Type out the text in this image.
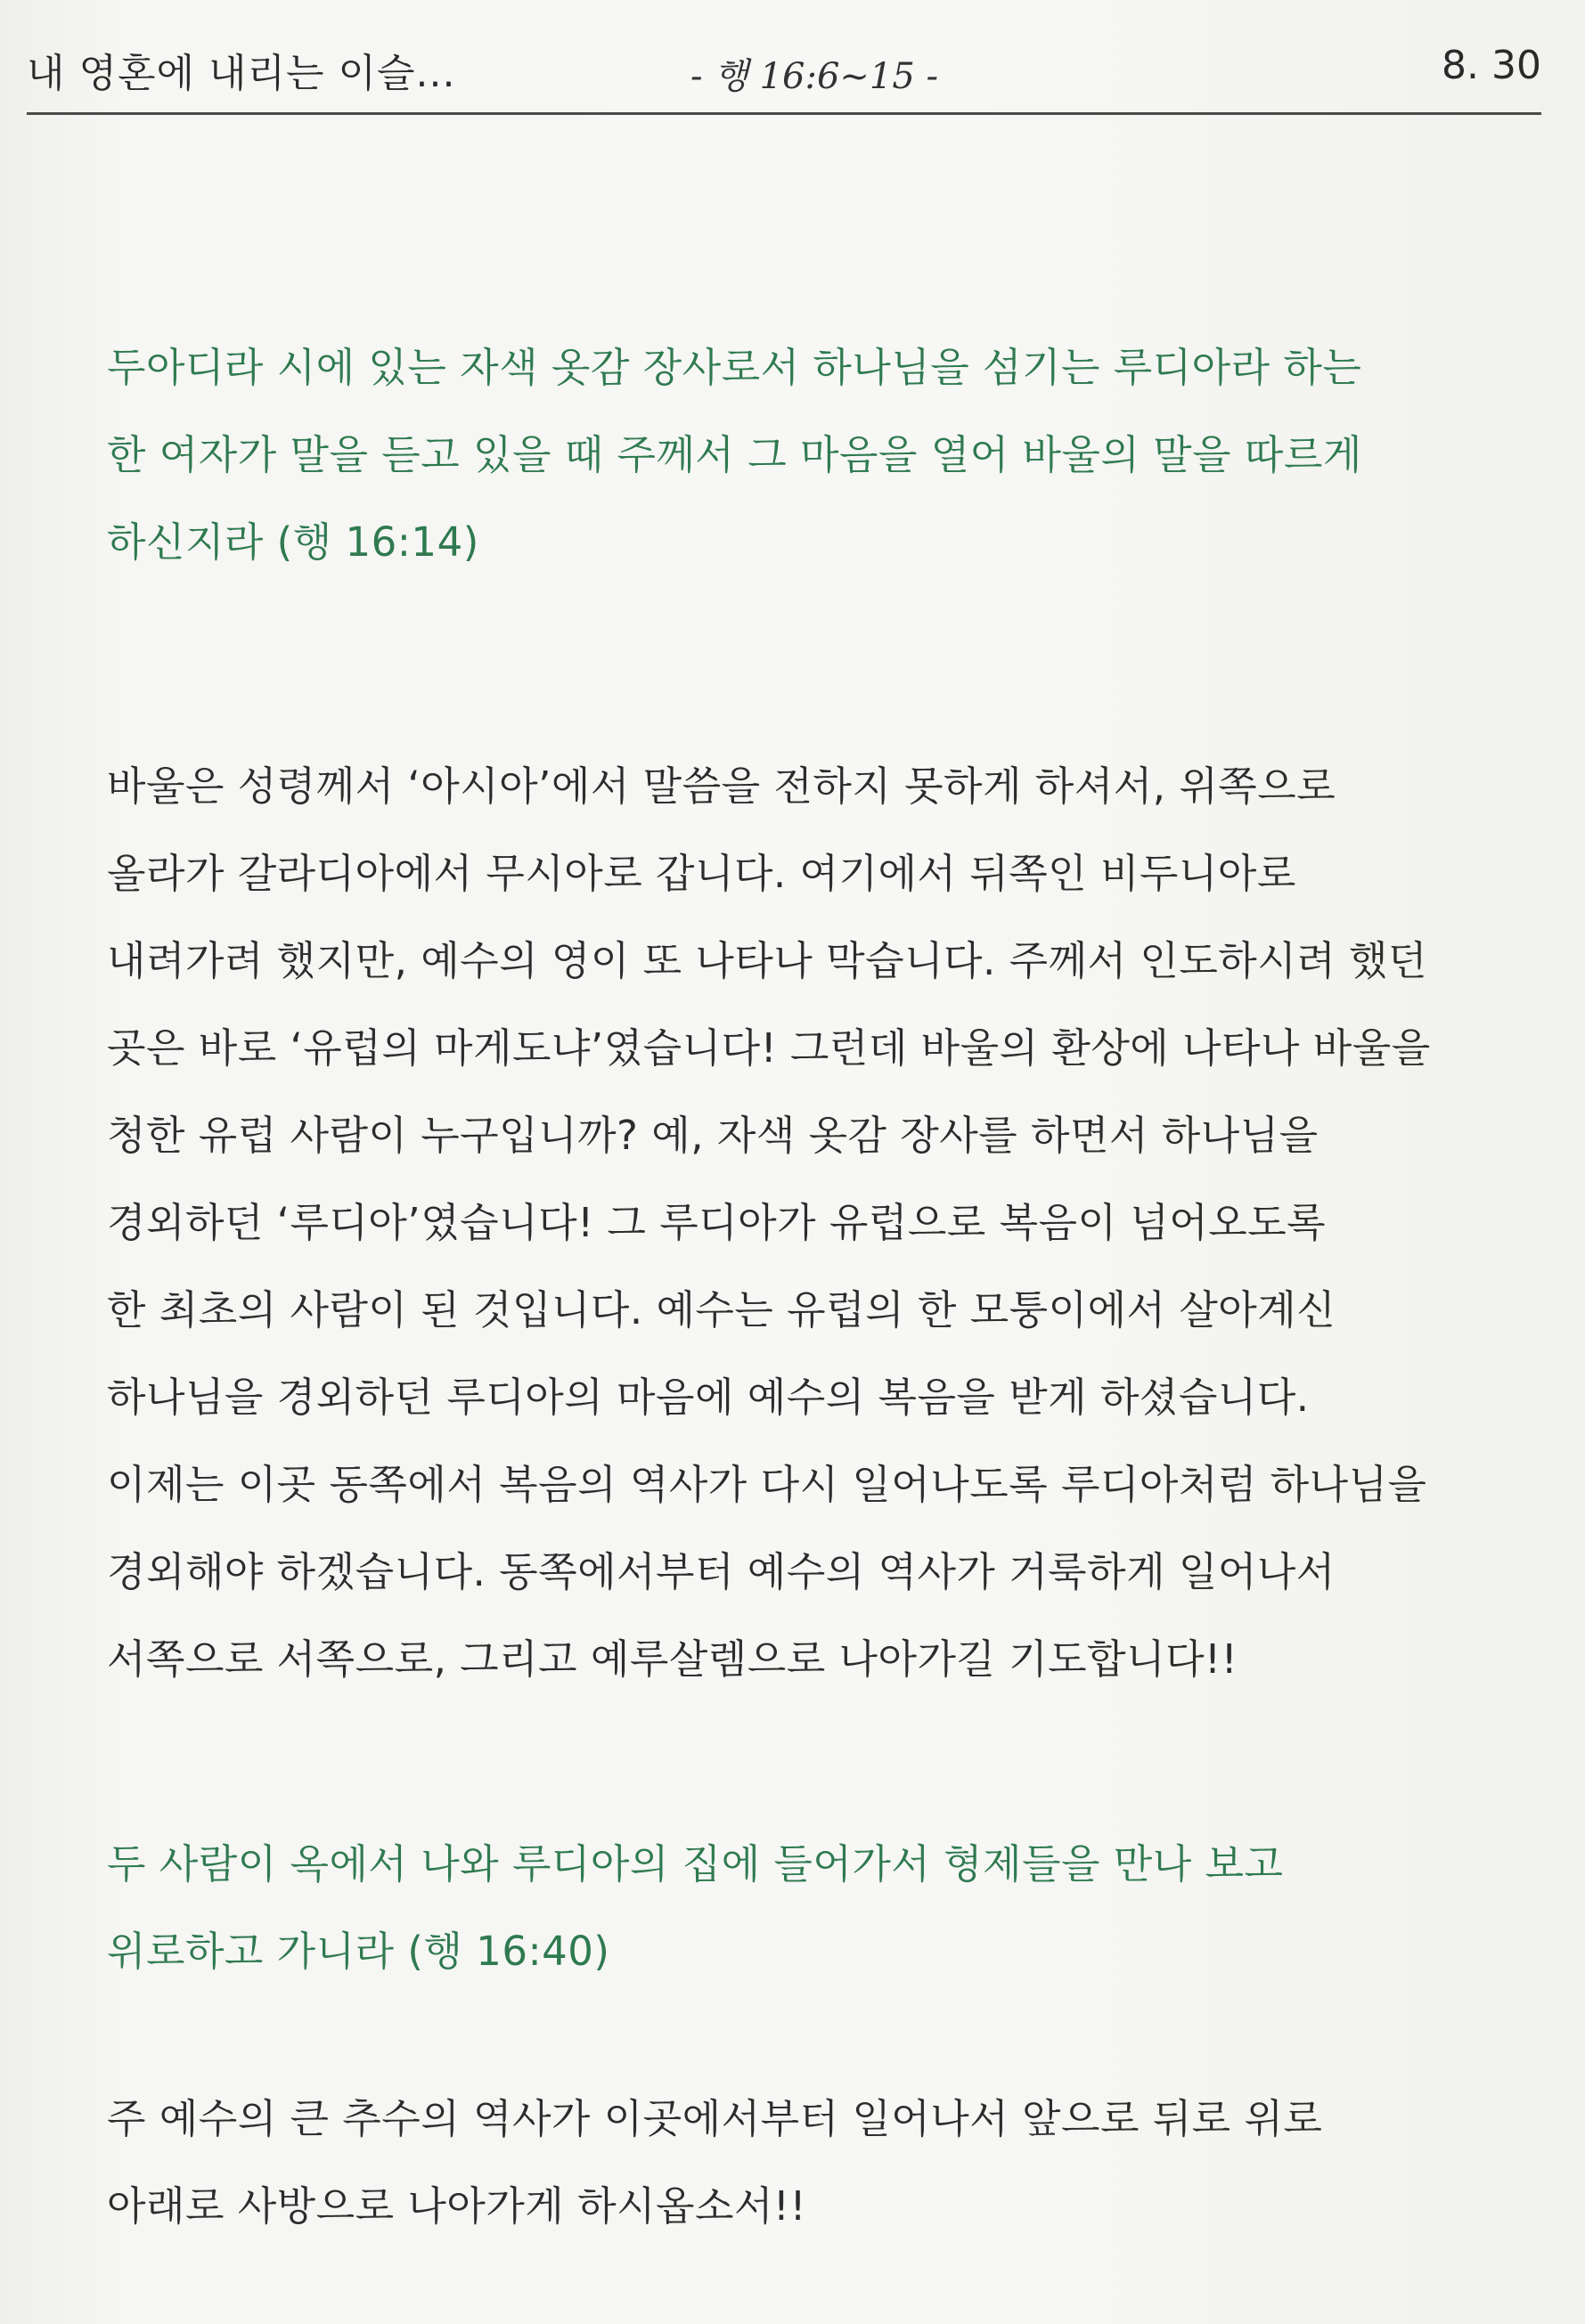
내 영혼에 내리는 이슬...	- 행 16:6~15 -	8. 30
두아디라 시에 있는 자색 옷감 장사로서 하나님을 섬기는 루디아라 하는
한 여자가 말을 듣고 있을 때 주께서 그 마음을 열어 바울의 말을 따르게
하신지라 (행 16:14)
바울은 성령께서 ‘아시아’에서 말씀을 전하지 못하게 하셔서, 위쪽으로
올라가 갈라디아에서 무시아로 갑니다. 여기에서 뒤쪽인 비두니아로
내려가려 했지만, 예수의 영이 또 나타나 막습니다. 주께서 인도하시려 했던
곳은 바로 ‘유럽의 마게도냐’였습니다! 그런데 바울의 환상에 나타나 바울을
청한 유럽 사람이 누구입니까? 예, 자색 옷감 장사를 하면서 하나님을
경외하던 ‘루디아’였습니다! 그 루디아가 유럽으로 복음이 넘어오도록
한 최초의 사람이 된 것입니다. 예수는 유럽의 한 모퉁이에서 살아계신
하나님을 경외하던 루디아의 마음에 예수의 복음을 받게 하셨습니다.
이제는 이곳 동쪽에서 복음의 역사가 다시 일어나도록 루디아처럼 하나님을
경외해야 하겠습니다. 동쪽에서부터 예수의 역사가 거룩하게 일어나서
서쪽으로 서쪽으로, 그리고 예루살렘으로 나아가길 기도합니다!!
두 사람이 옥에서 나와 루디아의 집에 들어가서 형제들을 만나 보고
위로하고 가니라 (행 16:40)
주 예수의 큰 추수의 역사가 이곳에서부터 일어나서 앞으로 뒤로 위로
아래로 사방으로 나아가게 하시옵소서!!
